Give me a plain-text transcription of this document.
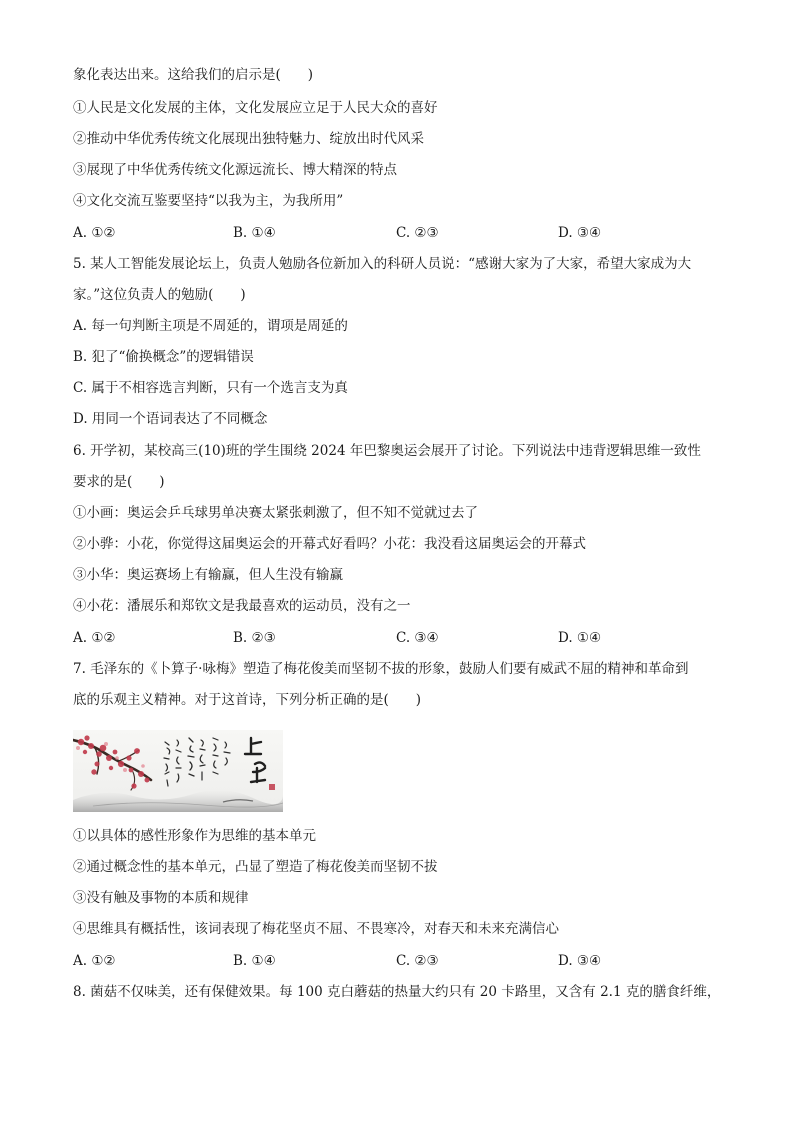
象化表达出来。这给我们的启示是(　　)
①人民是文化发展的主体，文化发展应立足于人民大众的喜好
②推动中华优秀传统文化展现出独特魅力、绽放出时代风采
③展现了中华优秀传统文化源远流长、博大精深的特点
④文化交流互鉴要坚持“以我为主，为我所用”
A. ①②	B. ①④	C. ②③	D. ③④
5. 某人工智能发展论坛上，负责人勉励各位新加入的科研人员说：“感谢大家为了大家，希望大家成为大
家。”这位负责人的勉励(　　)
A. 每一句判断主项是不周延的，谓项是周延的
B. 犯了“偷换概念”的逻辑错误
C. 属于不相容选言判断，只有一个选言支为真
D. 用同一个语词表达了不同概念
6. 开学初，某校高三(10)班的学生围绕 2024 年巴黎奥运会展开了讨论。下列说法中违背逻辑思维一致性
要求的是(　　)
①小画：奥运会乒乓球男单决赛太紧张刺激了，但不知不觉就过去了
②小骅：小花，你觉得这届奥运会的开幕式好看吗？小花：我没看这届奥运会的开幕式
③小华：奥运赛场上有输赢，但人生没有输赢
④小花：潘展乐和郑钦文是我最喜欢的运动员，没有之一
A. ①②	B. ②③	C. ③④	D. ①④
7. 毛泽东的《卜算子·咏梅》塑造了梅花俊美而坚韧不拔的形象，鼓励人们要有威武不屈的精神和革命到
底的乐观主义精神。对于这首诗，下列分析正确的是(　　)
①以具体的感性形象作为思维的基本单元
②通过概念性的基本单元，凸显了塑造了梅花俊美而坚韧不拔
③没有触及事物的本质和规律
④思维具有概括性，该词表现了梅花坚贞不屈、不畏寒冷，对春天和未来充满信心
A. ①②	B. ①④	C. ②③	D. ③④
8. 菌菇不仅味美，还有保健效果。每 100 克白蘑菇的热量大约只有 20 卡路里，又含有 2.1 克的膳食纤维，
